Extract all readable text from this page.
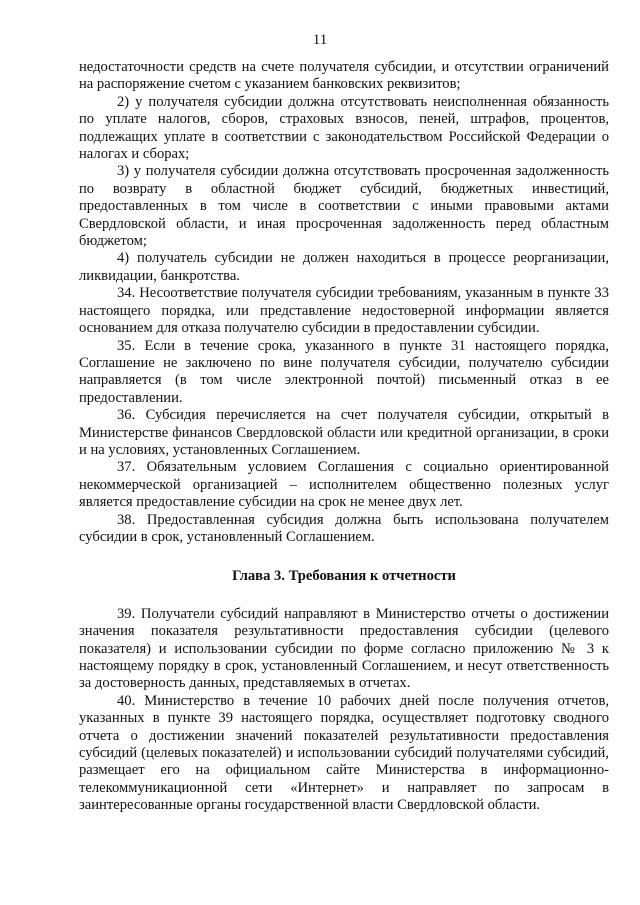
11

недостаточности средств на счете получателя субсидии, и отсутствии ограничений на распоряжение счетом с указанием банковских реквизитов;

2) у получателя субсидии должна отсутствовать неисполненная обязанность по уплате налогов, сборов, страховых взносов, пеней, штрафов, процентов, подлежащих уплате в соответствии с законодательством Российской Федерации о налогах и сборах;

3) у получателя субсидии должна отсутствовать просроченная задолженность по возврату в областной бюджет субсидий, бюджетных инвестиций, предоставленных в том числе в соответствии с иными правовыми актами Свердловской области, и иная просроченная задолженность перед областным бюджетом;

4) получатель субсидии не должен находиться в процессе реорганизации, ликвидации, банкротства.

34. Несоответствие получателя субсидии требованиям, указанным в пункте 33 настоящего порядка, или представление недостоверной информации является основанием для отказа получателю субсидии в предоставлении субсидии.

35. Если в течение срока, указанного в пункте 31 настоящего порядка, Соглашение не заключено по вине получателя субсидии, получателю субсидии направляется (в том числе электронной почтой) письменный отказ в ее предоставлении.

36. Субсидия перечисляется на счет получателя субсидии, открытый в Министерстве финансов Свердловской области или кредитной организации, в сроки и на условиях, установленных Соглашением.

37. Обязательным условием Соглашения с социально ориентированной некоммерческой организацией – исполнителем общественно полезных услуг является предоставление субсидии на срок не менее двух лет.

38. Предоставленная субсидия должна быть использована получателем субсидии в срок, установленный Соглашением.

Глава 3. Требования к отчетности

39. Получатели субсидий направляют в Министерство отчеты о достижении значения показателя результативности предоставления субсидии (целевого показателя) и использовании субсидии по форме согласно приложению № 3 к настоящему порядку в срок, установленный Соглашением, и несут ответственность за достоверность данных, представляемых в отчетах.

40. Министерство в течение 10 рабочих дней после получения отчетов, указанных в пункте 39 настоящего порядка, осуществляет подготовку сводного отчета о достижении значений показателей результативности предоставления субсидий (целевых показателей) и использовании субсидий получателями субсидий, размещает его на официальном сайте Министерства в информационно-телекоммуникационной сети «Интернет» и направляет по запросам в заинтересованные органы государственной власти Свердловской области.
